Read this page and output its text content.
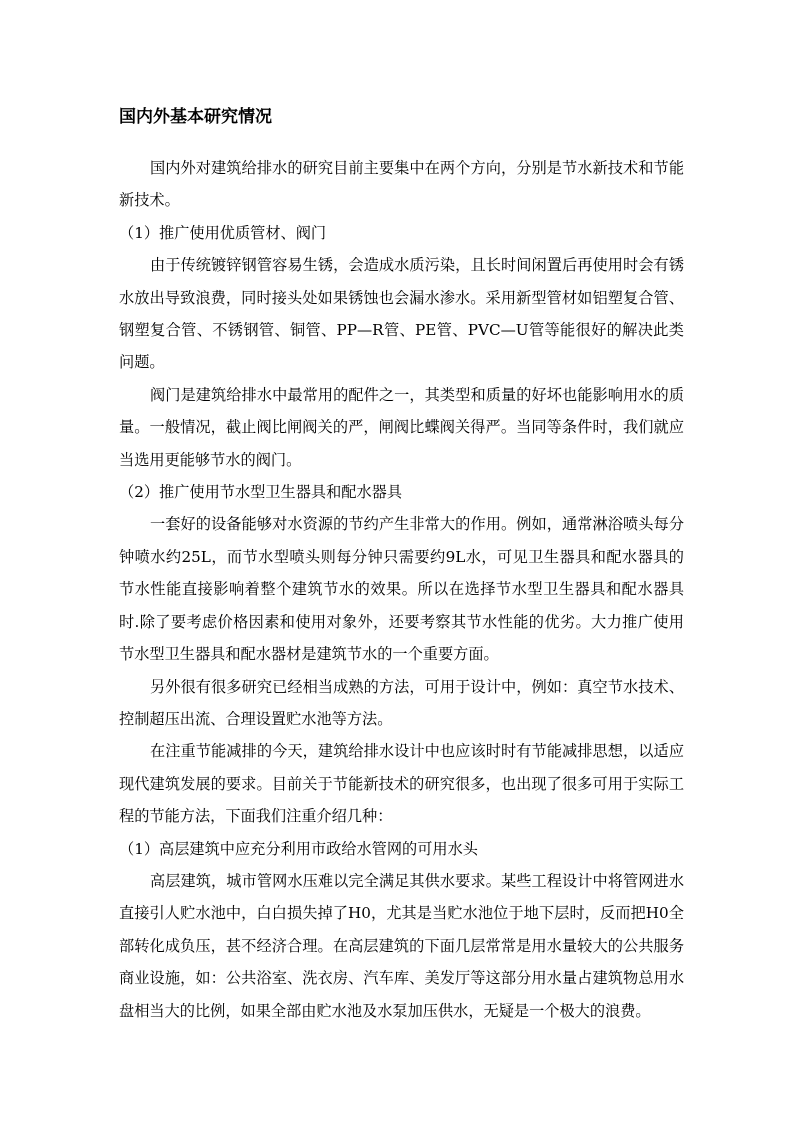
国内外基本研究情况

国内外对建筑给排水的研究目前主要集中在两个方向，分别是节水新技术和节能新技术。

（1）推广使用优质管材、阀门

由于传统镀锌钢管容易生锈，会造成水质污染，且长时间闲置后再使用时会有锈水放出导致浪费，同时接头处如果锈蚀也会漏水渗水。采用新型管材如铝塑复合管、钢塑复合管、不锈钢管、铜管、PP—R管、PE管、PVC—U管等能很好的解决此类问题。

阀门是建筑给排水中最常用的配件之一，其类型和质量的好坏也能影响用水的质量。一般情况，截止阀比闸阀关的严，闸阀比蝶阀关得严。当同等条件时，我们就应当选用更能够节水的阀门。

（2）推广使用节水型卫生器具和配水器具

一套好的设备能够对水资源的节约产生非常大的作用。例如，通常淋浴喷头每分钟喷水约25L，而节水型喷头则每分钟只需要约9L水，可见卫生器具和配水器具的节水性能直接影响着整个建筑节水的效果。所以在选择节水型卫生器具和配水器具时.除了要考虑价格因素和使用对象外，还要考察其节水性能的优劣。大力推广使用节水型卫生器具和配水器材是建筑节水的一个重要方面。

另外很有很多研究已经相当成熟的方法，可用于设计中，例如：真空节水技术、控制超压出流、合理设置贮水池等方法。

在注重节能减排的今天，建筑给排水设计中也应该时时有节能减排思想，以适应现代建筑发展的要求。目前关于节能新技术的研究很多，也出现了很多可用于实际工程的节能方法，下面我们注重介绍几种：

（1）高层建筑中应充分利用市政给水管网的可用水头

高层建筑，城市管网水压难以完全满足其供水要求。某些工程设计中将管网进水直接引人贮水池中，白白损失掉了H0，尤其是当贮水池位于地下层时，反而把H0全部转化成负压，甚不经济合理。在高层建筑的下面几层常常是用水量较大的公共服务商业设施，如：公共浴室、洗衣房、汽车库、美发厅等这部分用水量占建筑物总用水盘相当大的比例，如果全部由贮水池及水泵加压供水，无疑是一个极大的浪费。
